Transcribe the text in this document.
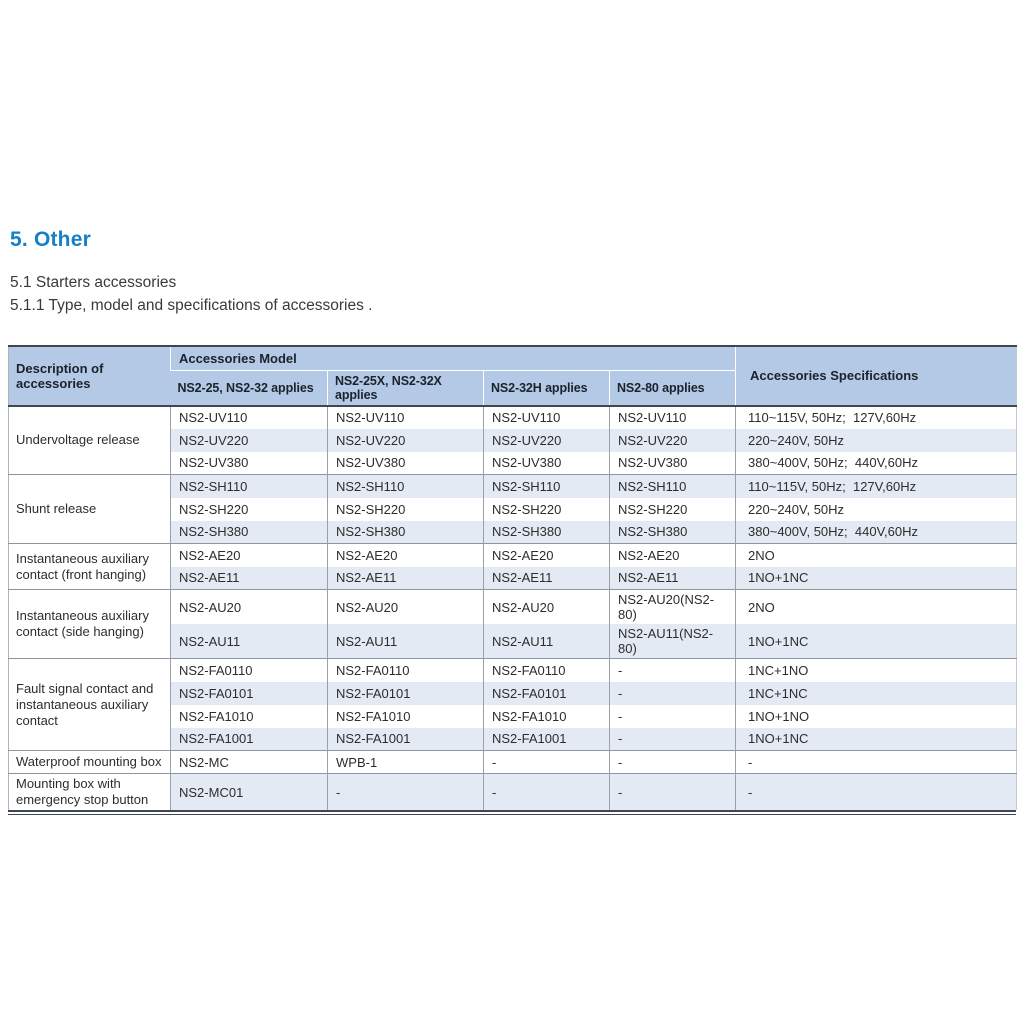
5. Other
5.1 Starters accessories
5.1.1 Type, model and specifications of accessories .
Description of accessories	Accessories Model				Accessories Specifications
	NS2-25, NS2-32 applies	NS2-25X, NS2-32X applies	NS2-32H applies	NS2-80 applies	
Undervoltage release	NS2-UV110	NS2-UV110	NS2-UV110	NS2-UV110	110~115V, 50Hz;  127V,60Hz
	NS2-UV220	NS2-UV220	NS2-UV220	NS2-UV220	220~240V, 50Hz
	NS2-UV380	NS2-UV380	NS2-UV380	NS2-UV380	380~400V, 50Hz;  440V,60Hz
Shunt release	NS2-SH110	NS2-SH110	NS2-SH110	NS2-SH110	110~115V, 50Hz;  127V,60Hz
	NS2-SH220	NS2-SH220	NS2-SH220	NS2-SH220	220~240V, 50Hz
	NS2-SH380	NS2-SH380	NS2-SH380	NS2-SH380	380~400V, 50Hz;  440V,60Hz
Instantaneous auxiliary contact (front hanging)	NS2-AE20	NS2-AE20	NS2-AE20	NS2-AE20	2NO
	NS2-AE11	NS2-AE11	NS2-AE11	NS2-AE11	1NO+1NC
Instantaneous auxiliary contact (side hanging)	NS2-AU20	NS2-AU20	NS2-AU20	NS2-AU20(NS2-80)	2NO
	NS2-AU11	NS2-AU11	NS2-AU11	NS2-AU11(NS2-80)	1NO+1NC
Fault signal contact and instantaneous auxiliary contact	NS2-FA0110	NS2-FA0110	NS2-FA0110	-	1NC+1NO
	NS2-FA0101	NS2-FA0101	NS2-FA0101	-	1NC+1NC
	NS2-FA1010	NS2-FA1010	NS2-FA1010	-	1NO+1NO
	NS2-FA1001	NS2-FA1001	NS2-FA1001	-	1NO+1NC
Waterproof mounting box	NS2-MC	WPB-1	-	-	-
Mounting box with emergency stop button	NS2-MC01	-	-	-	-
